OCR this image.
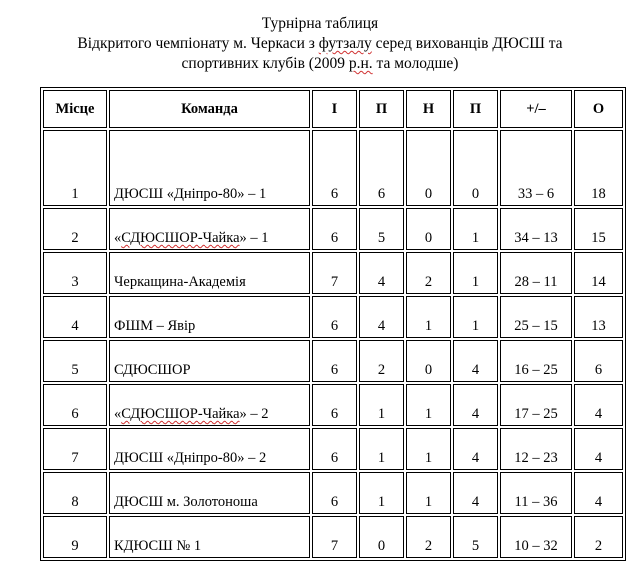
Турнірна таблиця

Відкритого чемпіонату м. Черкаси з футзалу серед вихованців ДЮСШ та

спортивних клубів (2009 р.н. та молодше)

Місце	Команда	І	П	Н	П	+/–	О
1	ДЮСШ «Дніпро-80» – 1	6	6	0	0	33 – 6	18
2	«СДЮСШОР-Чайка» – 1	6	5	0	1	34 – 13	15
3	Черкащина-Академія	7	4	2	1	28 – 11	14
4	ФШМ – Явір	6	4	1	1	25 – 15	13
5	СДЮСШОР	6	2	0	4	16 – 25	6
6	«СДЮСШОР-Чайка» – 2	6	1	1	4	17 – 25	4
7	ДЮСШ «Дніпро-80» – 2	6	1	1	4	12 – 23	4
8	ДЮСШ м. Золотоноша	6	1	1	4	11 – 36	4
9	КДЮСШ № 1	7	0	2	5	10 – 32	2
